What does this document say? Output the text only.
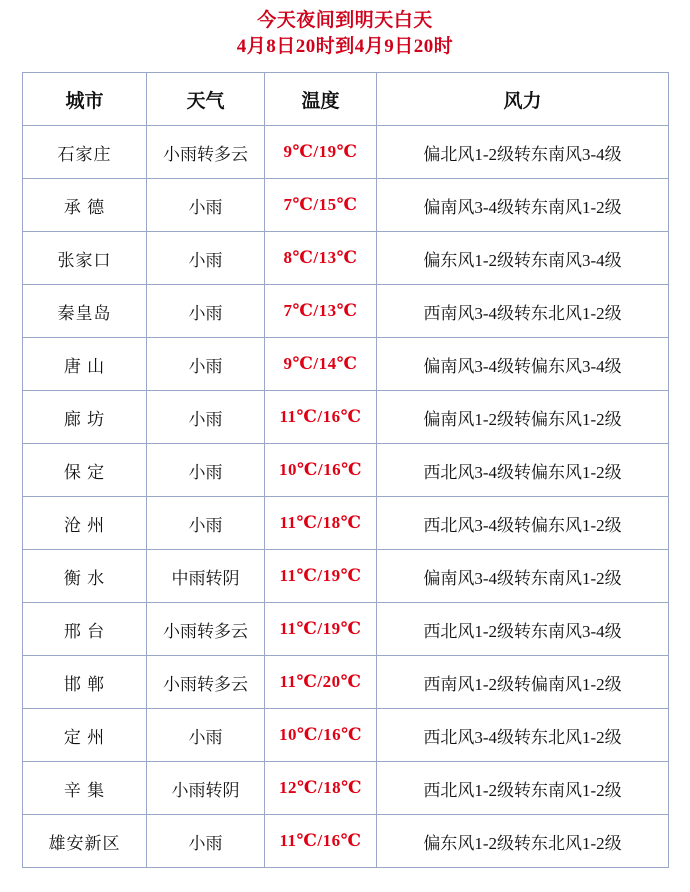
今天夜间到明天白天
4月8日20时到4月9日20时
城市	天气	温度	风力
石家庄	小雨转多云	9℃/19℃	偏北风1-2级转东南风3-4级
承 德	小雨	7℃/15℃	偏南风3-4级转东南风1-2级
张家口	小雨	8℃/13℃	偏东风1-2级转东南风3-4级
秦皇岛	小雨	7℃/13℃	西南风3-4级转东北风1-2级
唐 山	小雨	9℃/14℃	偏南风3-4级转偏东风3-4级
廊 坊	小雨	11℃/16℃	偏南风1-2级转偏东风1-2级
保 定	小雨	10℃/16℃	西北风3-4级转偏东风1-2级
沧 州	小雨	11℃/18℃	西北风3-4级转偏东风1-2级
衡 水	中雨转阴	11℃/19℃	偏南风3-4级转东南风1-2级
邢 台	小雨转多云	11℃/19℃	西北风1-2级转东南风3-4级
邯 郸	小雨转多云	11℃/20℃	西南风1-2级转偏南风1-2级
定 州	小雨	10℃/16℃	西北风3-4级转东北风1-2级
辛 集	小雨转阴	12℃/18℃	西北风1-2级转东南风1-2级
雄安新区	小雨	11℃/16℃	偏东风1-2级转东北风1-2级
